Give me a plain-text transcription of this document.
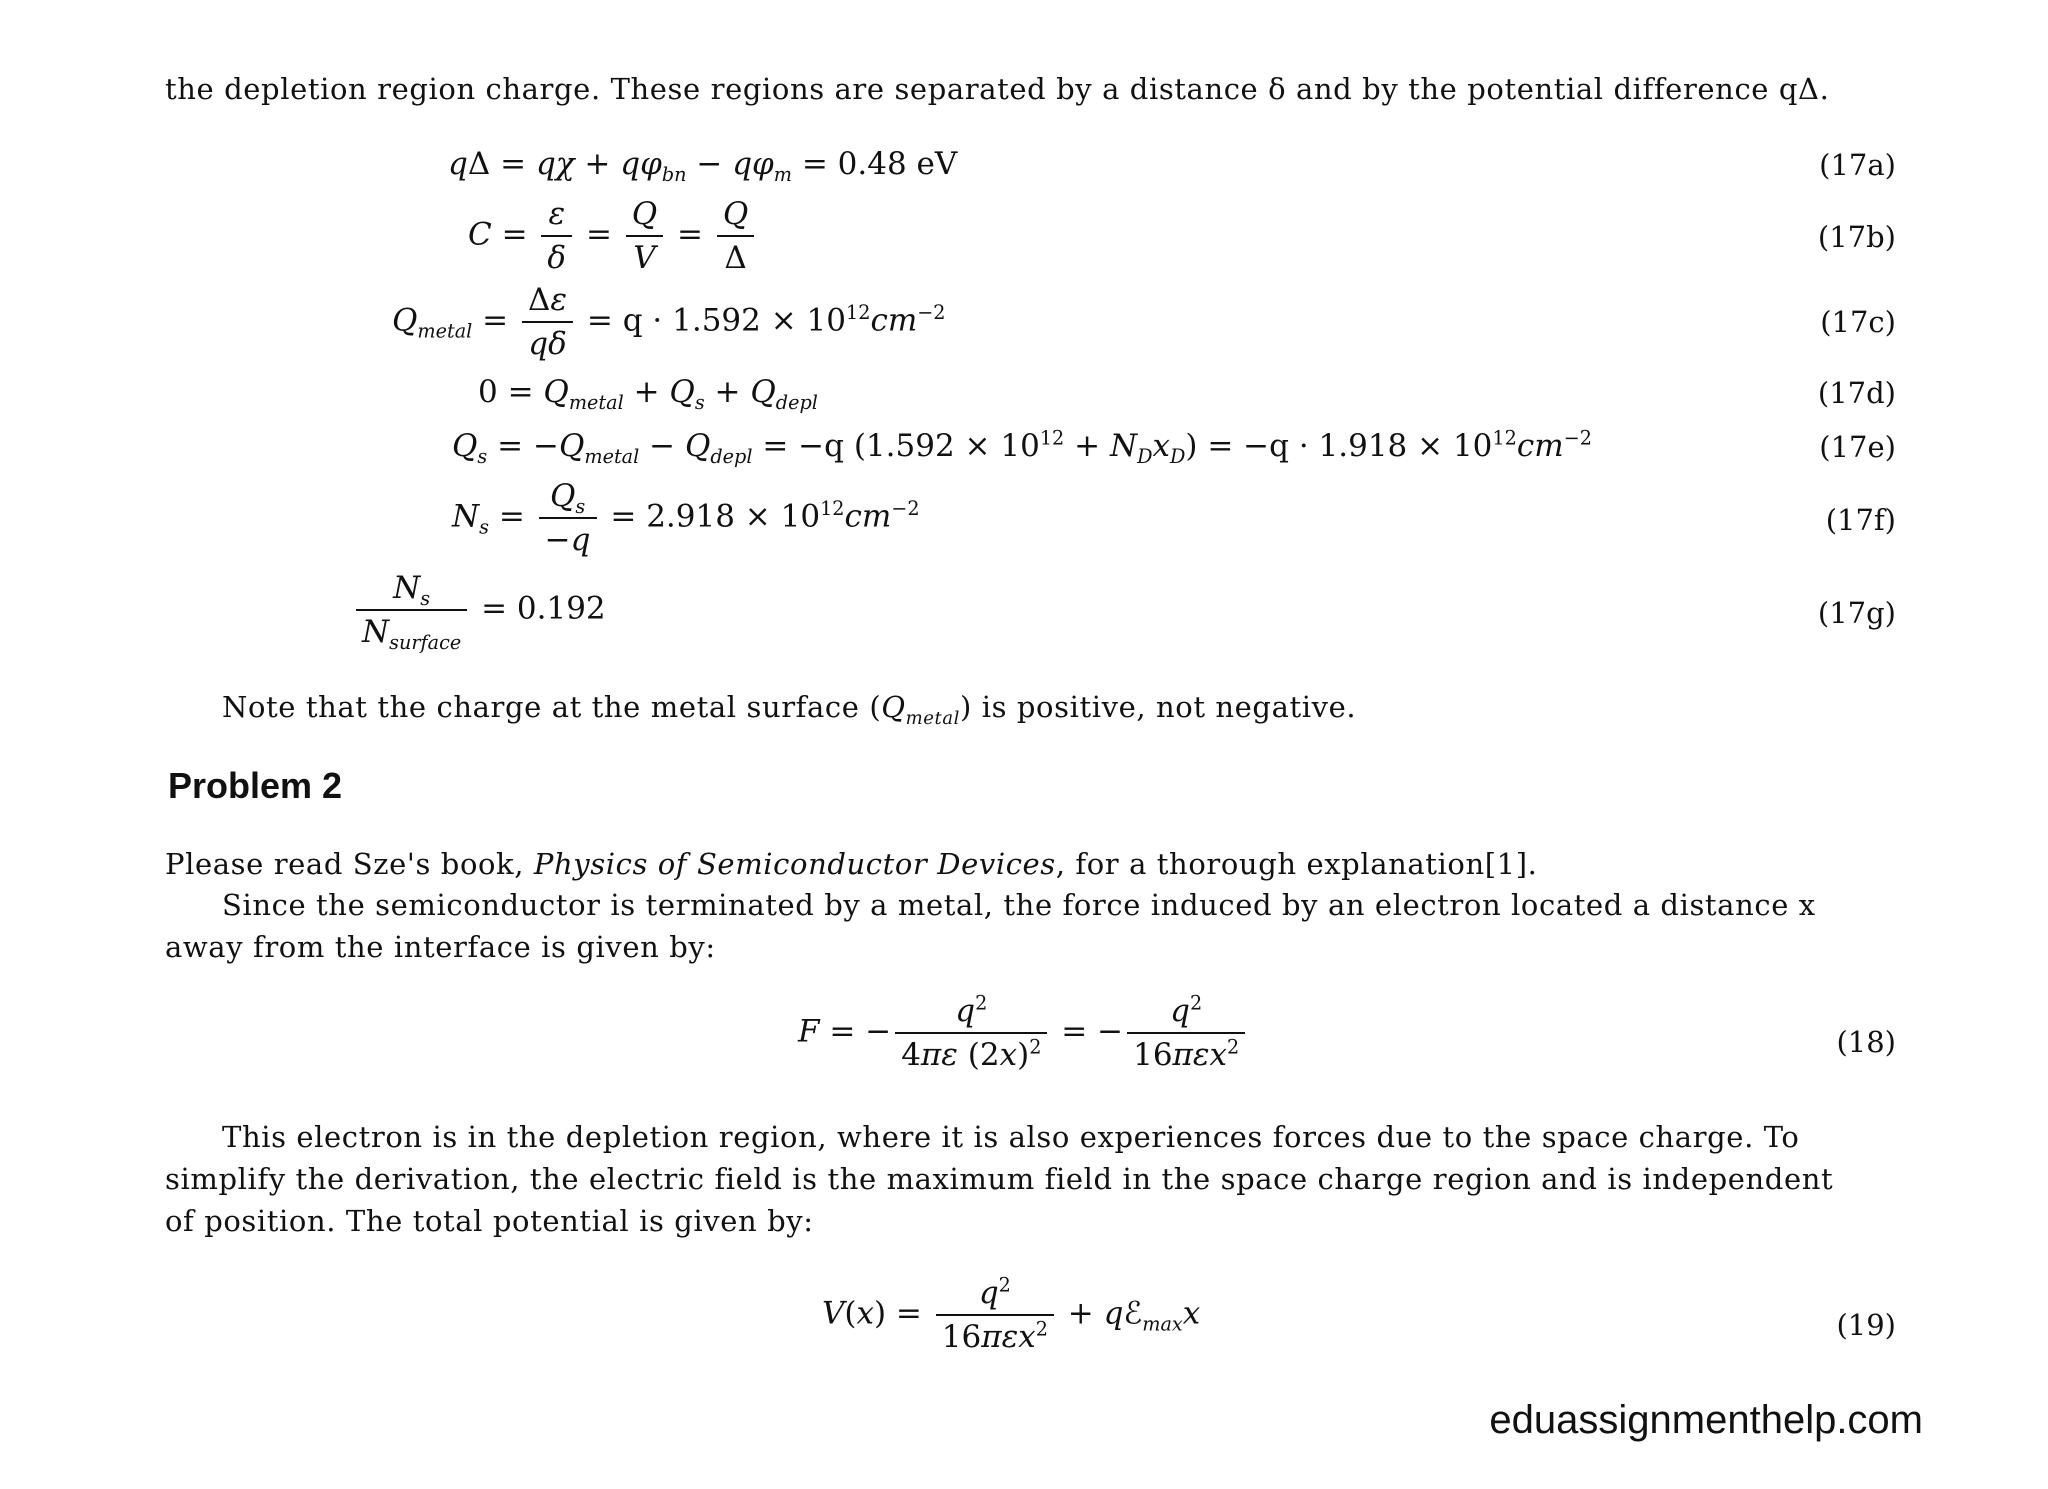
the depletion region charge. These regions are separated by a distance δ and by the potential difference qΔ.
$q\Delta = q\chi + q\varphi_{bn} - q\varphi_m = 0.48$ eV	(17a)
$C = \frac{\varepsilon}{\delta} = \frac{Q}{V} = \frac{Q}{\Delta}$	(17b)
$Q_{metal} = \frac{\Delta\varepsilon}{q\delta} = q \cdot 1.592 \times 10^{12}cm^{-2}$	(17c)
$0 = Q_{metal} + Q_s + Q_{depl}$	(17d)
$Q_s = -Q_{metal} - Q_{depl} = -q$ $(1.592 \times 10^{12} + N_Dx_D) = -q \cdot 1.918 \times 10^{12}cm^{-2}$	(17e)
$N_s = \frac{Q_s}{-q} = 2.918 \times 10^{12}cm^{-2}$	(17f)
$\frac{N_s}{N_{surface}} = 0.192$	(17g)
Note that the charge at the metal surface $(Q_{metal})$ is positive, not negative.
Problem 2
Please read Sze's book, Physics of Semiconductor Devices, for a thorough explanation[1].
Since the semiconductor is terminated by a metal, the force induced by an electron located a distance x
away from the interface is given by:
F = − $\frac{q^2}{4\pi\varepsilon (2x)^2}$ = − $\frac{q^2}{16\pi\varepsilon x^2}$	(18)
This electron is in the depletion region, where it is also experiences forces due to the space charge. To
simplify the derivation, the electric field is the maximum field in the space charge region and is independent
of position. The total potential is given by:
$V(x) = \frac{q^2}{16\pi\varepsilon x^2}$ + qℰ$_{max}$x	(19)
eduassignmenthelp.com
